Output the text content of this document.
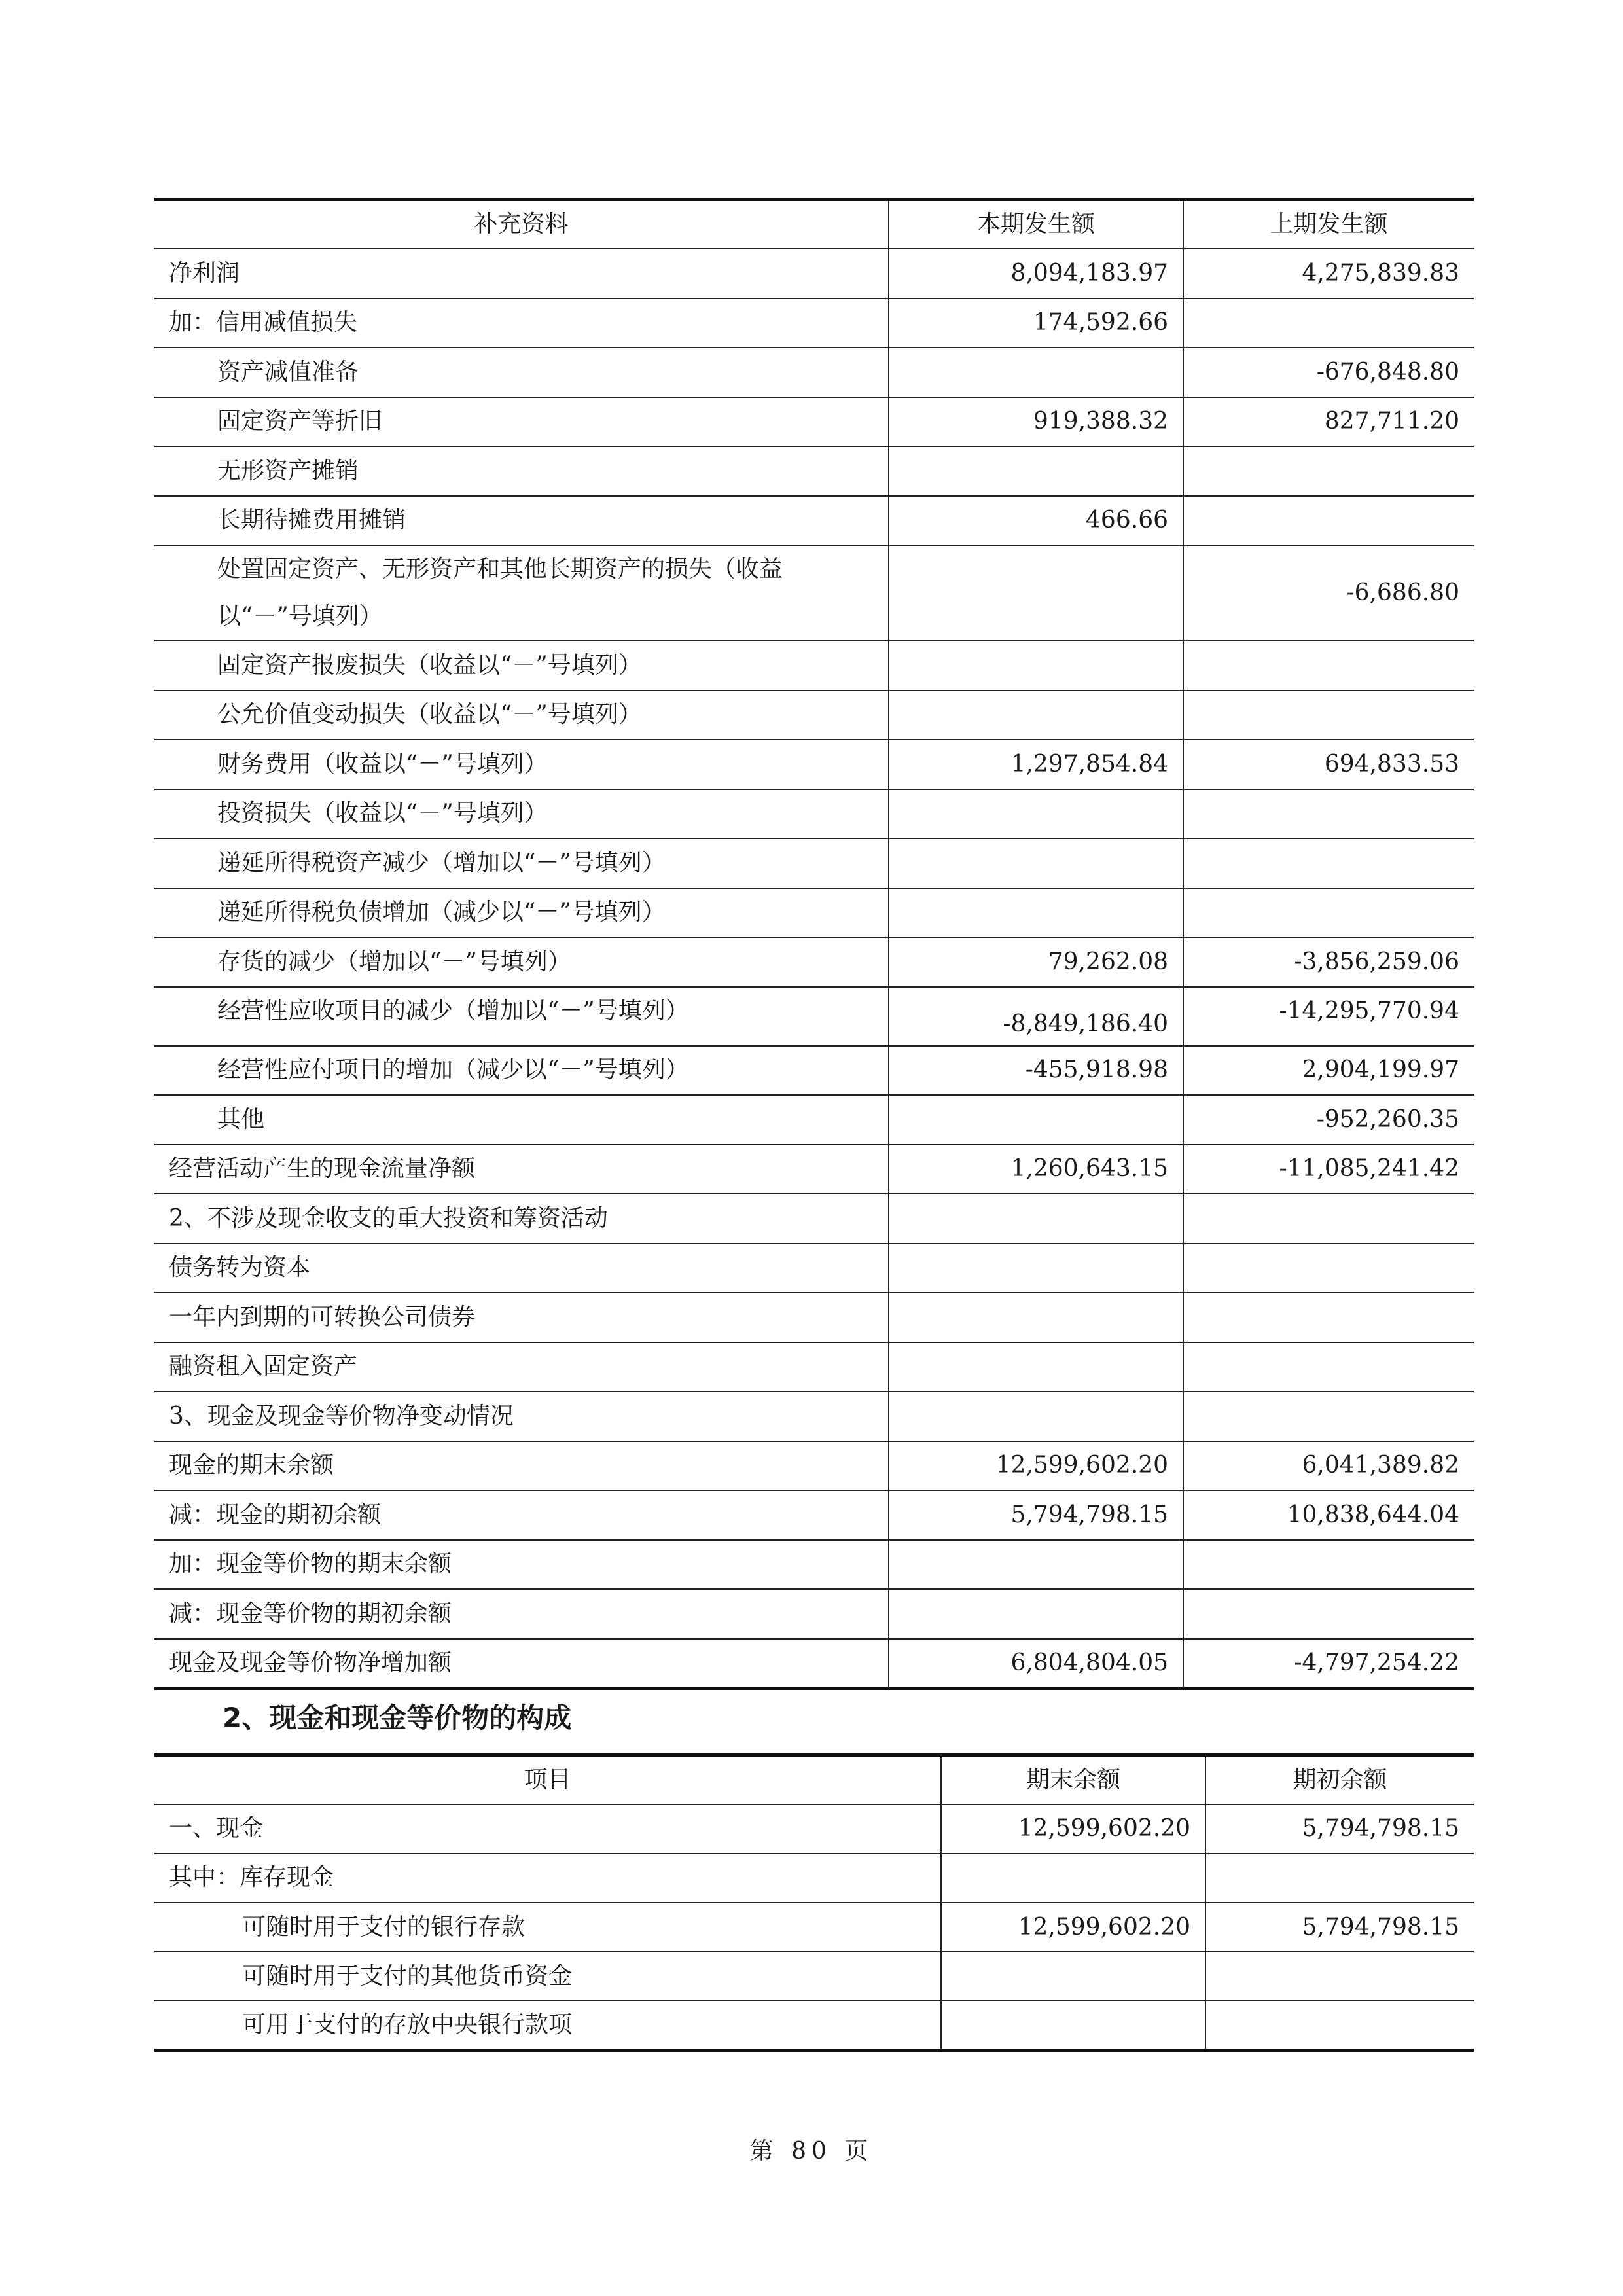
补充资料	本期发生额	上期发生额
净利润	8,094,183.97	4,275,839.83
加：信用减值损失	174,592.66	
资产减值准备		-676,848.80
固定资产等折旧	919,388.32	827,711.20
无形资产摊销		
长期待摊费用摊销	466.66	
处置固定资产、无形资产和其他长期资产的损失（收益以“－”号填列）		-6,686.80
固定资产报废损失（收益以“－”号填列）		
公允价值变动损失（收益以“－”号填列）		
财务费用（收益以“－”号填列）	1,297,854.84	694,833.53
投资损失（收益以“－”号填列）		
递延所得税资产减少（增加以“－”号填列）		
递延所得税负债增加（减少以“－”号填列）		
存货的减少（增加以“－”号填列）	79,262.08	-3,856,259.06
经营性应收项目的减少（增加以“－”号填列）	-8,849,186.40	-14,295,770.94
经营性应付项目的增加（减少以“－”号填列）	-455,918.98	2,904,199.97
其他		-952,260.35
经营活动产生的现金流量净额	1,260,643.15	-11,085,241.42
2、不涉及现金收支的重大投资和筹资活动		
债务转为资本		
一年内到期的可转换公司债券		
融资租入固定资产		
3、现金及现金等价物净变动情况		
现金的期末余额	12,599,602.20	6,041,389.82
减：现金的期初余额	5,794,798.15	10,838,644.04
加：现金等价物的期末余额		
减：现金等价物的期初余额		
现金及现金等价物净增加额	6,804,804.05	-4,797,254.22
2、现金和现金等价物的构成
项目	期末余额	期初余额
一、现金	12,599,602.20	5,794,798.15
其中：库存现金		
可随时用于支付的银行存款	12,599,602.20	5,794,798.15
可随时用于支付的其他货币资金		
可用于支付的存放中央银行款项		
第 80 页
